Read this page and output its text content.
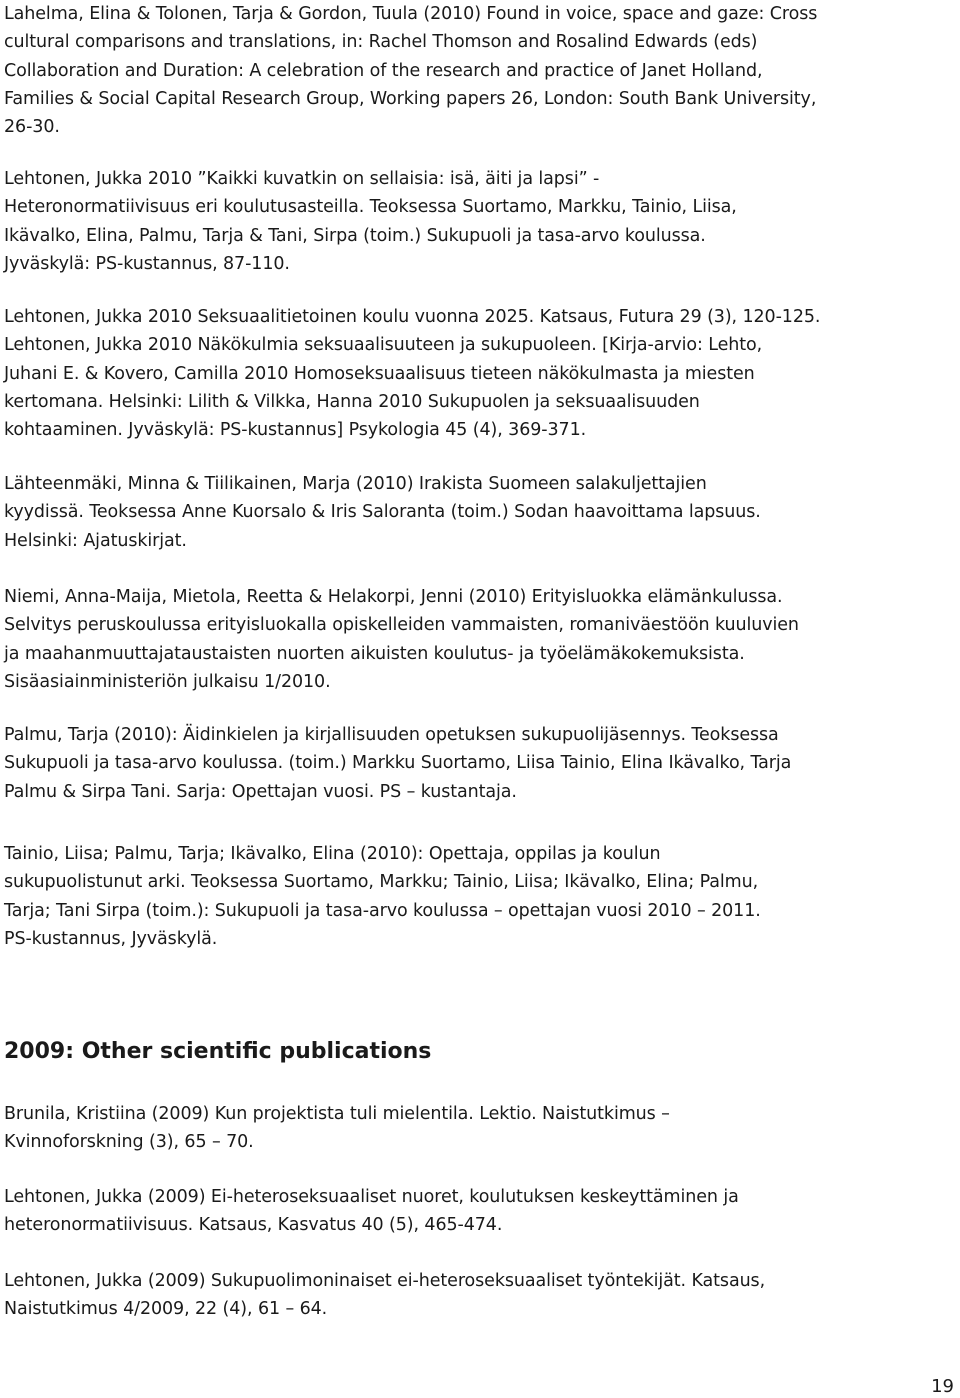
Lahelma, Elina & Tolonen, Tarja & Gordon, Tuula (2010) Found in voice, space and gaze: Cross
cultural comparisons and translations, in: Rachel Thomson and Rosalind Edwards (eds)
Collaboration and Duration: A celebration of the research and practice of Janet Holland,
Families & Social Capital Research Group, Working papers 26, London: South Bank University,
26-30.
Lehtonen, Jukka 2010 ”Kaikki kuvatkin on sellaisia: isä, äiti ja lapsi” -
Heteronormatiivisuus eri koulutusasteilla. Teoksessa Suortamo, Markku, Tainio, Liisa,
Ikävalko, Elina, Palmu, Tarja & Tani, Sirpa (toim.) Sukupuoli ja tasa-arvo koulussa.
Jyväskylä: PS-kustannus, 87-110.
Lehtonen, Jukka 2010 Seksuaalitietoinen koulu vuonna 2025. Katsaus, Futura 29 (3), 120-125.
Lehtonen, Jukka 2010 Näkökulmia seksuaalisuuteen ja sukupuoleen. [Kirja-arvio: Lehto,
Juhani E. & Kovero, Camilla 2010 Homoseksuaalisuus tieteen näkökulmasta ja miesten
kertomana. Helsinki: Lilith & Vilkka, Hanna 2010 Sukupuolen ja seksuaalisuuden
kohtaaminen. Jyväskylä: PS-kustannus] Psykologia 45 (4), 369-371.
Lähteenmäki, Minna & Tiilikainen, Marja (2010) Irakista Suomeen salakuljettajien
kyydissä. Teoksessa Anne Kuorsalo & Iris Saloranta (toim.) Sodan haavoittama lapsuus.
Helsinki: Ajatuskirjat.
Niemi, Anna-Maija, Mietola, Reetta & Helakorpi, Jenni (2010) Erityisluokka elämänkulussa.
Selvitys peruskoulussa erityisluokalla opiskelleiden vammaisten, romaniväestöön kuuluvien
ja maahanmuuttajataustaisten nuorten aikuisten koulutus- ja työelämäkokemuksista.
Sisäasiainministeriön julkaisu 1/2010.
Palmu, Tarja (2010): Äidinkielen ja kirjallisuuden opetuksen sukupuolijäsennys. Teoksessa
Sukupuoli ja tasa-arvo koulussa. (toim.) Markku Suortamo, Liisa Tainio, Elina Ikävalko, Tarja
Palmu & Sirpa Tani. Sarja: Opettajan vuosi. PS – kustantaja.
Tainio, Liisa; Palmu, Tarja; Ikävalko, Elina (2010): Opettaja, oppilas ja koulun
sukupuolistunut arki. Teoksessa Suortamo, Markku; Tainio, Liisa; Ikävalko, Elina; Palmu,
Tarja; Tani Sirpa (toim.): Sukupuoli ja tasa-arvo koulussa – opettajan vuosi 2010 – 2011.
PS-kustannus, Jyväskylä.
2009: Other scientific publications
Brunila, Kristiina (2009) Kun projektista tuli mielentila. Lektio. Naistutkimus –
Kvinnoforskning (3), 65 – 70.
Lehtonen, Jukka (2009) Ei-heteroseksuaaliset nuoret, koulutuksen keskeyttäminen ja
heteronormatiivisuus. Katsaus, Kasvatus 40 (5), 465-474.
Lehtonen, Jukka (2009) Sukupuolimoninaiset ei-heteroseksuaaliset työntekijät. Katsaus,
Naistutkimus 4/2009, 22 (4), 61 – 64.
19
